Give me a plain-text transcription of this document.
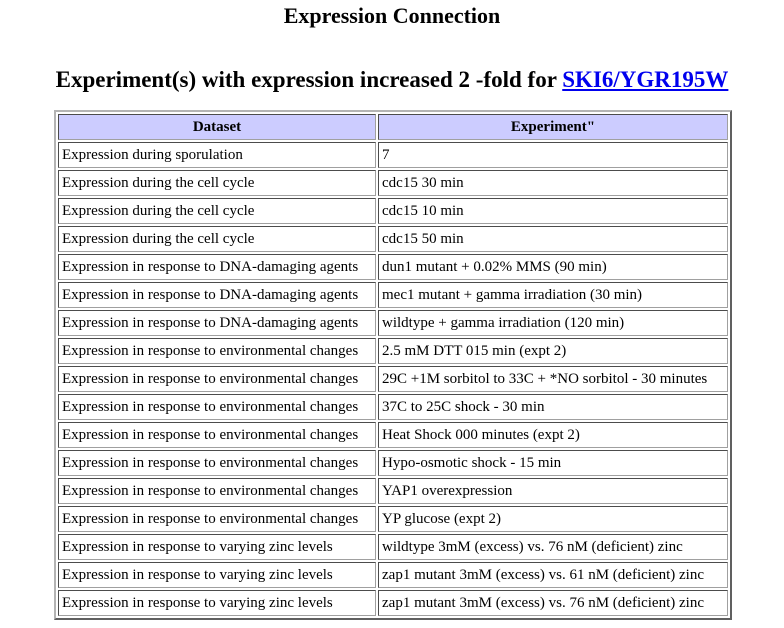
Expression Connection
Experiment(s) with expression increased 2 -fold for SKI6/YGR195W
Dataset	Experiment"
Expression during sporulation	7
Expression during the cell cycle	cdc15 30 min
Expression during the cell cycle	cdc15 10 min
Expression during the cell cycle	cdc15 50 min
Expression in response to DNA-damaging agents	dun1 mutant + 0.02% MMS (90 min)
Expression in response to DNA-damaging agents	mec1 mutant + gamma irradiation (30 min)
Expression in response to DNA-damaging agents	wildtype + gamma irradiation (120 min)
Expression in response to environmental changes	2.5 mM DTT 015 min (expt 2)
Expression in response to environmental changes	29C +1M sorbitol to 33C + *NO sorbitol - 30 minutes
Expression in response to environmental changes	37C to 25C shock - 30 min
Expression in response to environmental changes	Heat Shock 000 minutes (expt 2)
Expression in response to environmental changes	Hypo-osmotic shock - 15 min
Expression in response to environmental changes	YAP1 overexpression
Expression in response to environmental changes	YP glucose (expt 2)
Expression in response to varying zinc levels	wildtype 3mM (excess) vs. 76 nM (deficient) zinc
Expression in response to varying zinc levels	zap1 mutant 3mM (excess) vs. 61 nM (deficient) zinc
Expression in response to varying zinc levels	zap1 mutant 3mM (excess) vs. 76 nM (deficient) zinc
